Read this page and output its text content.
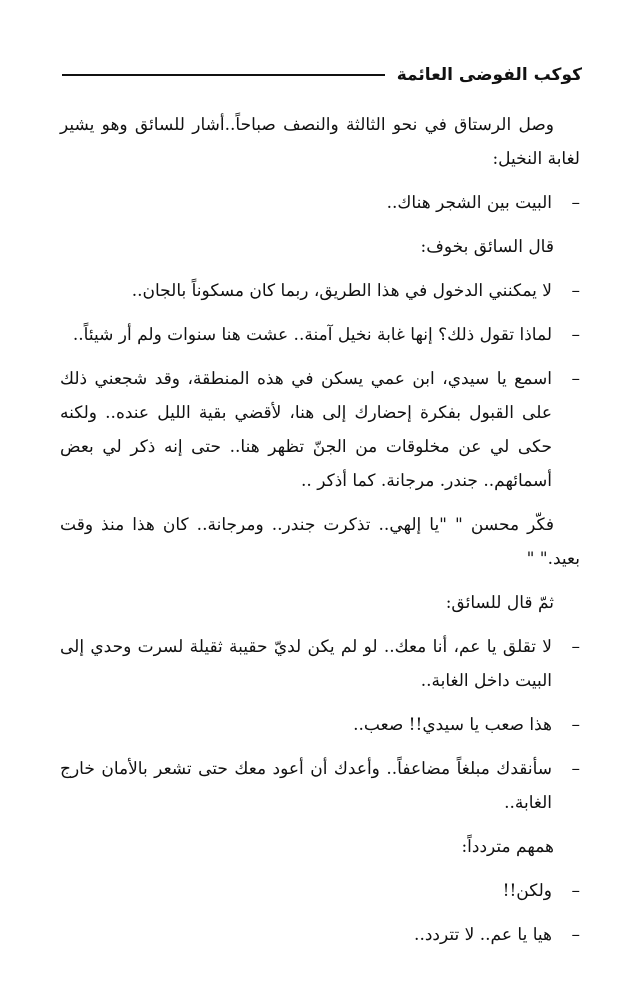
كوكب الفوضى العائمة

وصل الرستاق في نحو الثالثة والنصف صباحاً..أشار للسائق وهو يشير لغابة النخيل:

–
البيت بين الشجر هناك..

قال السائق بخوف:

–
لا يمكنني الدخول في هذا الطريق، ربما كان مسكوناً بالجان..
–
لماذا تقول ذلك؟ إنها غابة نخيل آمنة.. عشت هنا سنوات ولم أر شيئاً..
–
اسمع يا سيدي، ابن عمي يسكن في هذه المنطقة، وقد شجعني ذلك على القبول بفكرة إحضارك إلى هنا، لأقضي بقية الليل عنده.. ولكنه حكى لي عن مخلوقات من الجنّ تظهر هنا.. حتى إنه ذكر لي بعض أسمائهم.. جندر. مرجانة. كما أذكر ..

فكّر محسن " "يا إلهي.. تذكرت جندر.. ومرجانة.. كان هذا منذ وقت بعيد." "

ثمّ قال للسائق:

–
لا تقلق يا عم، أنا معك.. لو لم يكن لديّ حقيبة ثقيلة لسرت وحدي إلى البيت داخل الغابة..
–
هذا صعب يا سيدي!! صعب..
–
سأنقدك مبلغاً مضاعفاً.. وأعدك أن أعود معك حتى تشعر بالأمان خارج الغابة..

همهم متردداً:

–
ولكن!!
–
هيا يا عم.. لا تتردد..
